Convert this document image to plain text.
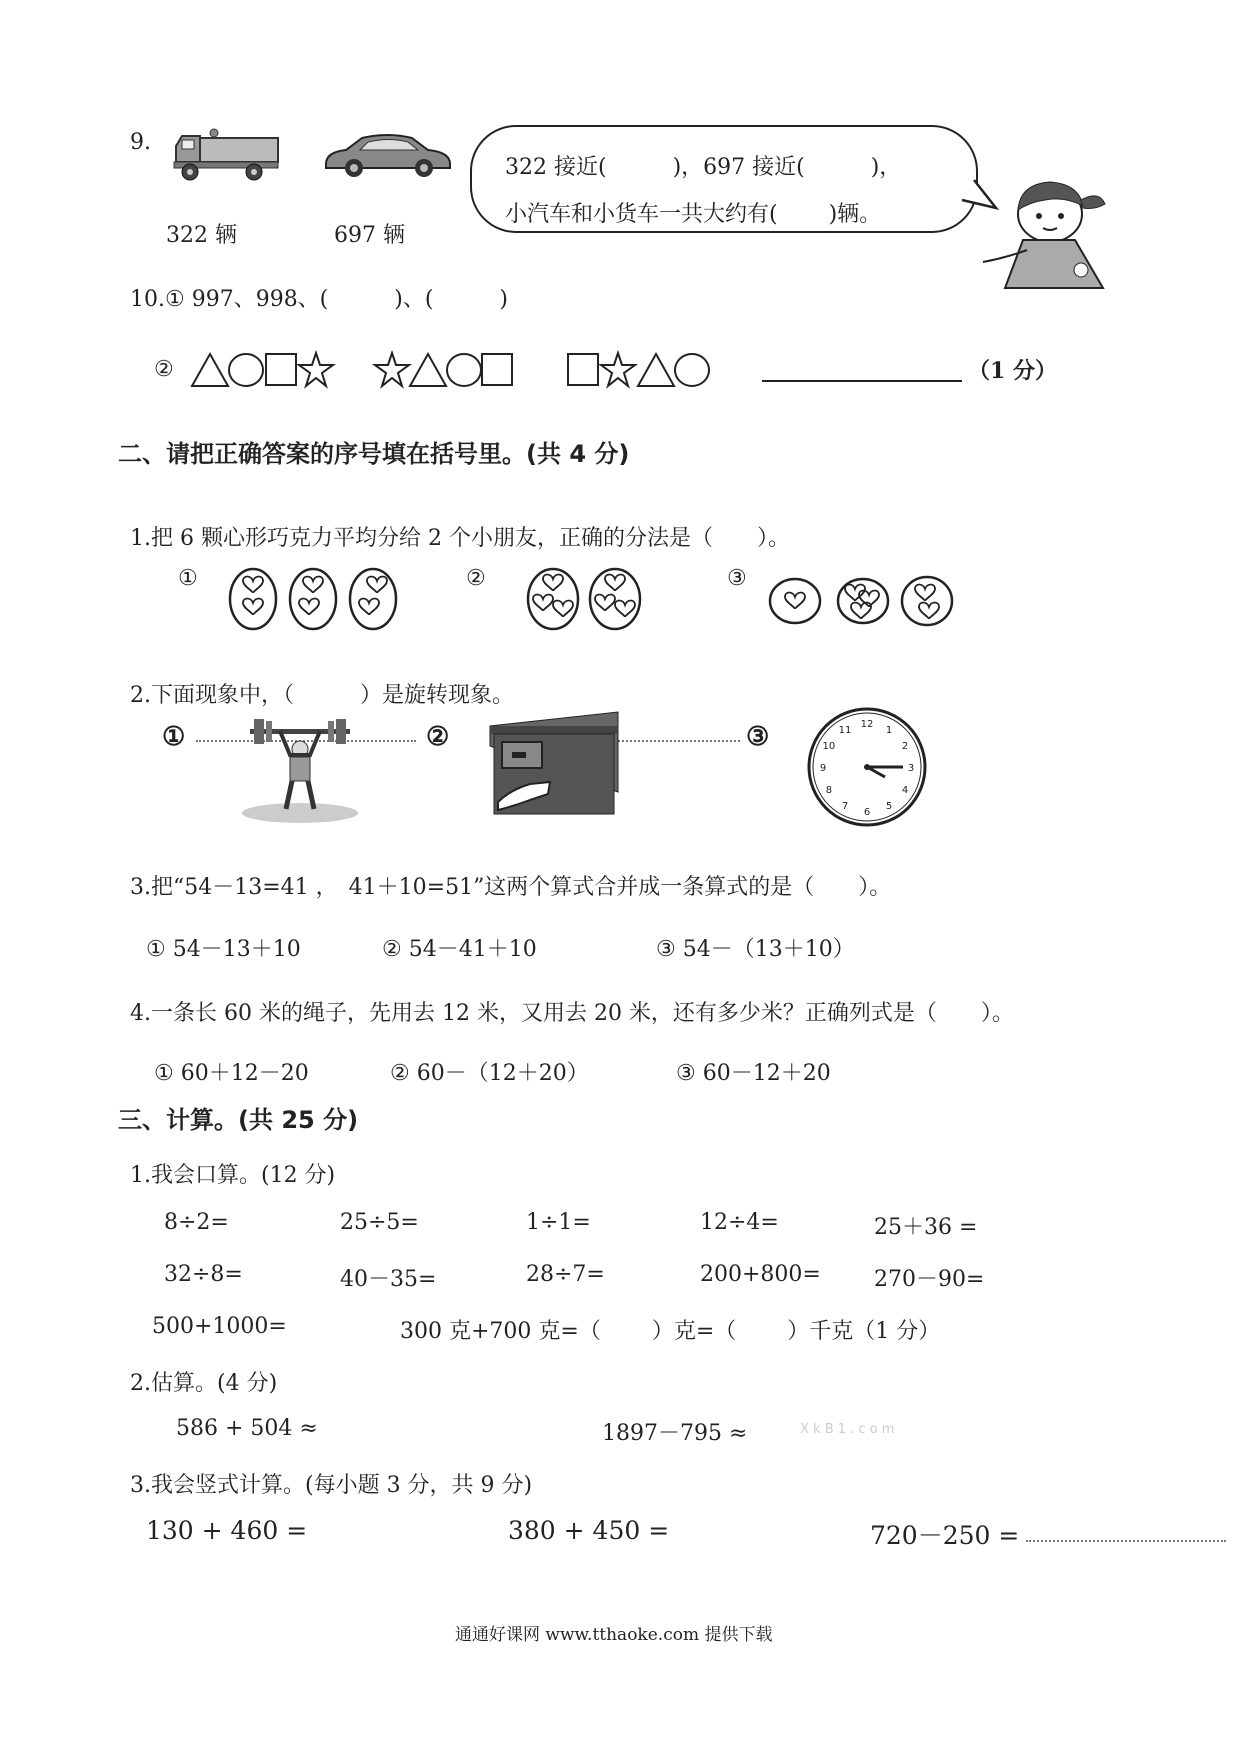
9.
322 辆	697 辆
322 接近(　　　)，697 接近(　　　)，
小汽车和小货车一共大约有(　　 )辆。
10.① 997、998、(　　　)、(　　　)
②	（1 分）
二、请把正确答案的序号填在括号里。(共 4 分)
1.把 6 颗心形巧克力平均分给 2 个小朋友，正确的分法是（　　）。
①	②	③
2.下面现象中，（　　　）是旋转现象。
①	②	③	12
1
2
3
4
5
6
7
8
9
10
11
3.把“54－13=41 ，　41＋10=51”这两个算式合并成一条算式的是（　　）。
① 54－13＋10	② 54－41＋10	③ 54－（13＋10）
4.一条长 60 米的绳子，先用去 12 米，又用去 20 米，还有多少米？正确列式是（　　）。
① 60＋12－20	② 60－（12＋20）	③ 60－12＋20
三、计算。(共 25 分)
1.我会口算。(12 分)
8÷2=	25÷5=	1÷1=	12÷4=	25＋36 =
32÷8=	40－35=	28÷7=	200+800= 270－90=
500+1000=	300 克+700 克=（　　 ）克=（　　 ）千克（1 分）
2.估算。(4 分)
586 + 504 ≈	1897－795 ≈	X k B 1 . c o m
3.我会竖式计算。(每小题 3 分，共 9 分)
130 + 460 =	380 + 450 =	720－250 =
通通好课网 www.tthaoke.com 提供下载
